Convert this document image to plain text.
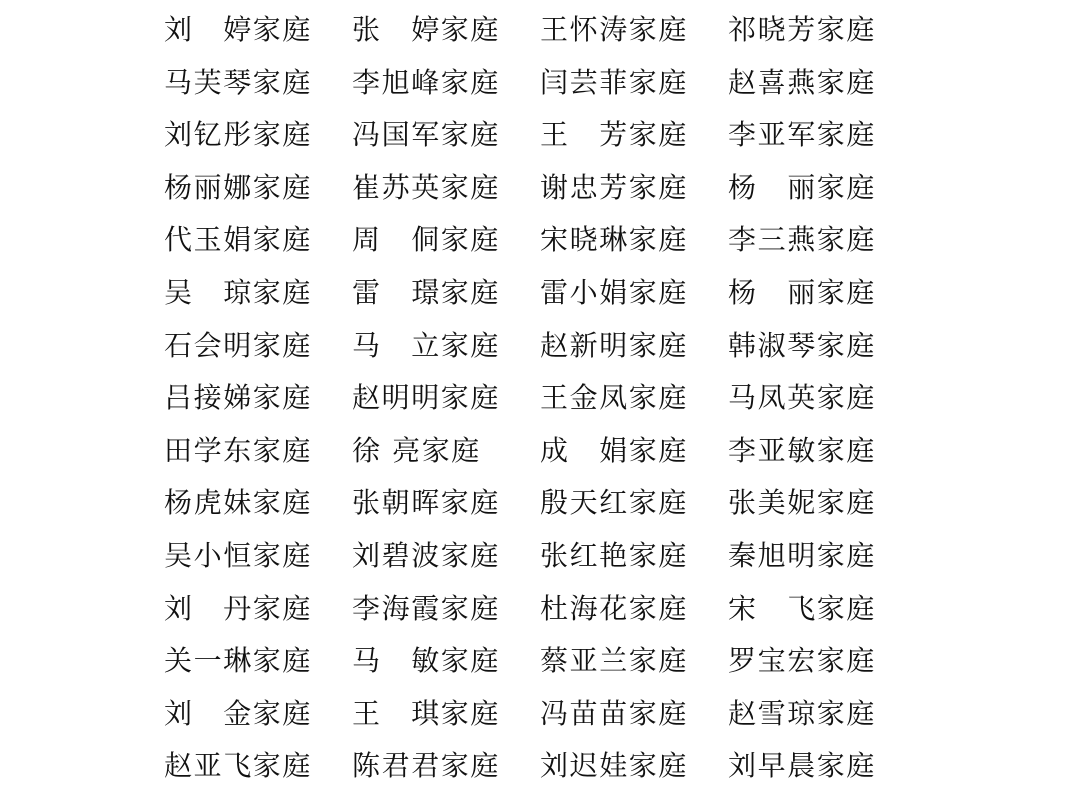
刘　婷家庭 张　婷家庭 王怀涛家庭 祁晓芳家庭
马芙琴家庭 李旭峰家庭 闫芸菲家庭 赵喜燕家庭
刘钇彤家庭 冯国军家庭 王　芳家庭 李亚军家庭
杨丽娜家庭 崔苏英家庭 谢忠芳家庭 杨　丽家庭
代玉娟家庭 周　侗家庭 宋晓琳家庭 李三燕家庭
吴　琼家庭 雷　璟家庭 雷小娟家庭 杨　丽家庭
石会明家庭 马　立家庭 赵新明家庭 韩淑琴家庭
吕接娣家庭 赵明明家庭 王金凤家庭 马凤英家庭
田学东家庭 徐 亮家庭 成　娟家庭 李亚敏家庭
杨虎妹家庭 张朝晖家庭 殷天红家庭 张美妮家庭
吴小恒家庭 刘碧波家庭 张红艳家庭 秦旭明家庭
刘　丹家庭 李海霞家庭 杜海花家庭 宋　飞家庭
关一琳家庭 马　敏家庭 蔡亚兰家庭 罗宝宏家庭
刘　金家庭 王　琪家庭 冯苗苗家庭 赵雪琼家庭
赵亚飞家庭 陈君君家庭 刘迟娃家庭 刘早晨家庭
